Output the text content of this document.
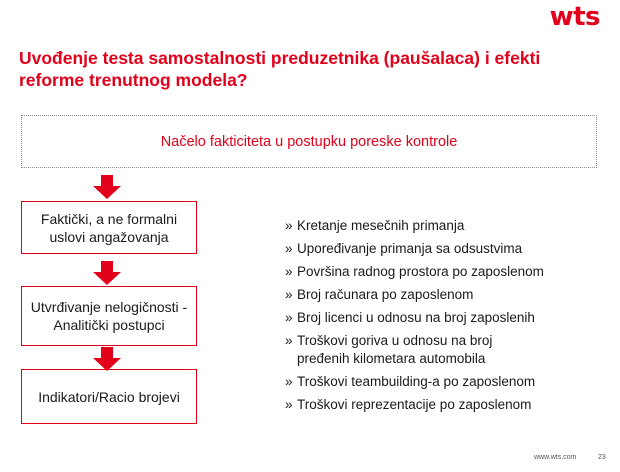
wts
Uvođenje testa samostalnosti preduzetnika (paušalaca) i efekti reforme trenutnog modela?
Načelo fakticiteta u postupku poreske kontrole
Faktički, a ne formalni uslovi angažovanja
Utvrđivanje nelogičnosti - Analitički postupci
Indikatori/Racio brojevi
» Kretanje mesečnih primanja
» Upoređivanje primanja sa odsustvima
» Površina radnog prostora po zaposlenom
» Broj računara po zaposlenom
» Broj licenci u odnosu na broj zaposlenih
» Troškovi goriva u odnosu na broj pređenih kilometara automobila
» Troškovi teambuilding-a po zaposlenom
» Troškovi reprezentacije po zaposlenom
www.wts.com	23
